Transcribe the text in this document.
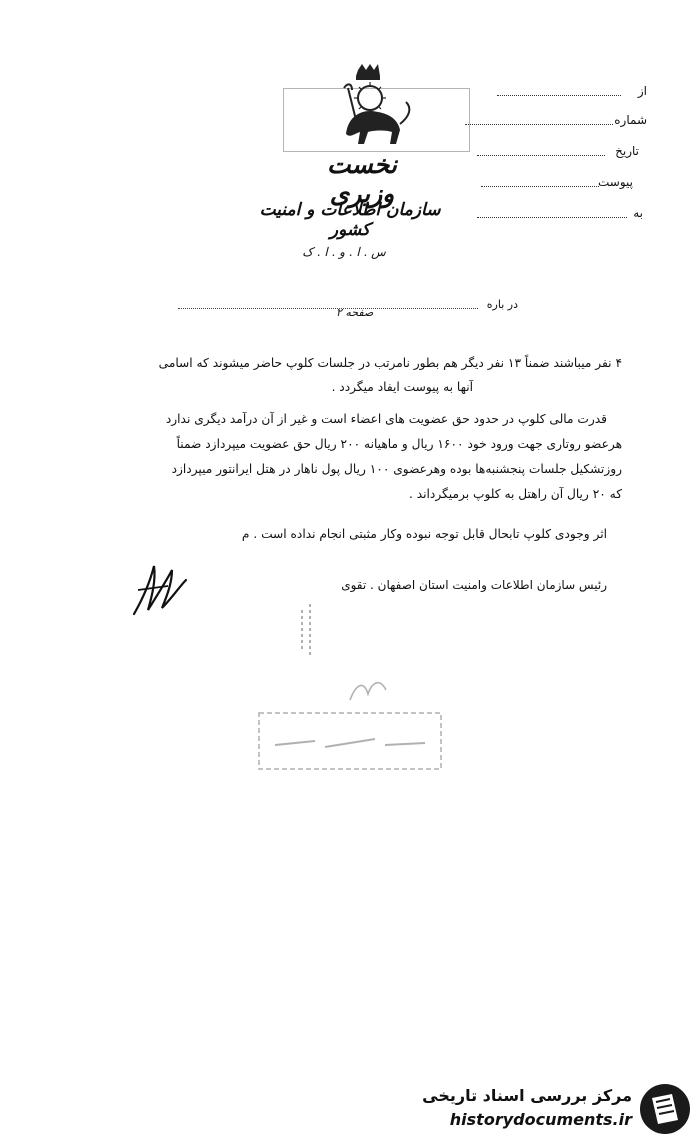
از
شماره
تاریخ
پیوست
به
نخست وزیری
سازمان اطلاعات و امنیت کشور
س . ا . و . ا . ک
در باره
صفحه ۲
۴ نفر میباشند ضمناً ۱۳ نفر دیگر هم بطور نامرتب در جلسات کلوپ حاضر میشوند که اسامی
آنها به پیوست ایفاد میگردد .
قدرت مالی کلوپ در حدود حق عضویت های اعضاء است و غیر از آن درآمد دیگری ندارد
هرعضو روتاری جهت ورود خود ۱۶۰۰ ریال و ماهیانه ۲۰۰ ریال حق عضویت میپردازد ضمناً
روزتشکیل جلسات پنجشنبه‌ها بوده وهرعضوی ۱۰۰ ریال پول ناهار در هتل ایرانتور میپردازد
که ۲۰ ریال آن راهتل به کلوپ برمیگرداند .
اثر وجودی کلوپ تابحال قابل توجه نبوده وکار مثبتی انجام نداده است . م
رئیس سازمان اطلاعات وامنیت استان اصفهان . تقوی
مرکز بررسی اسناد تاریخی
historydocuments.ir
